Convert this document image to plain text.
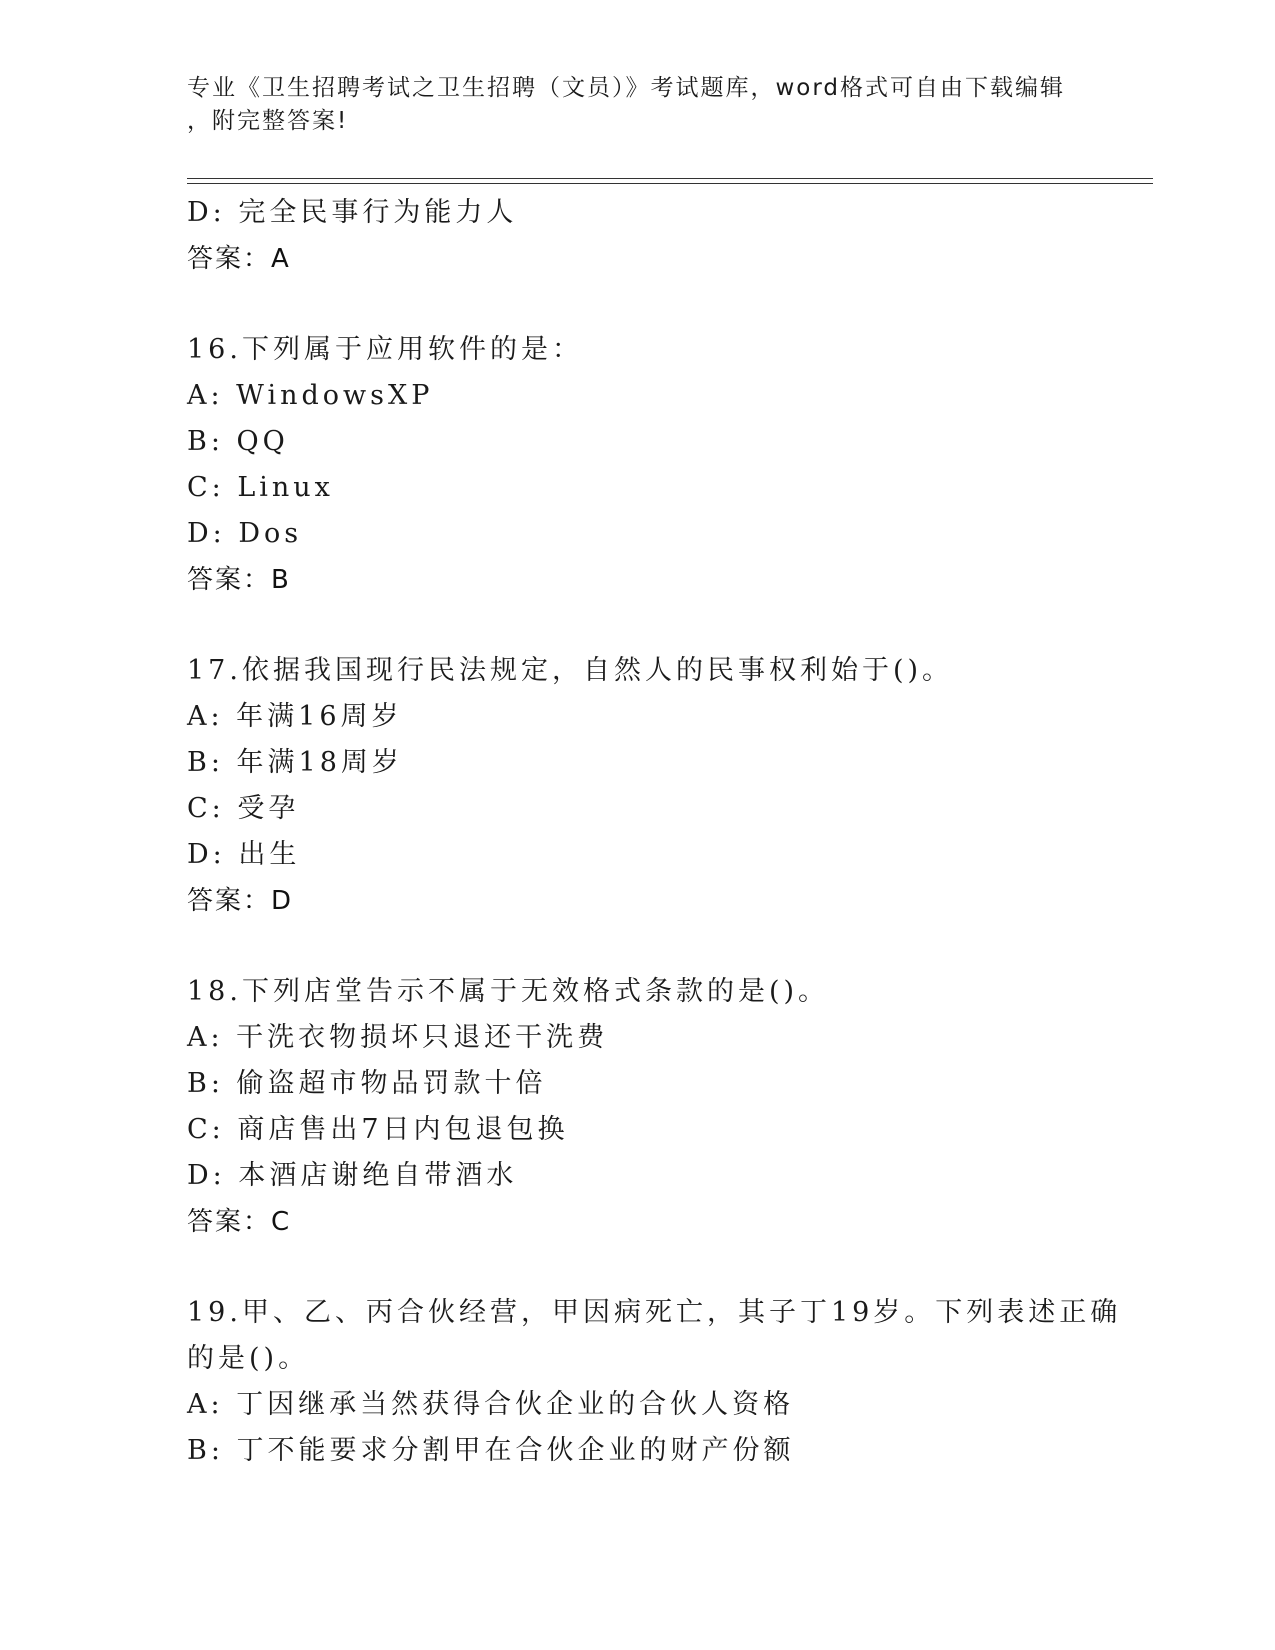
专业《卫生招聘考试之卫生招聘（文员）》考试题库，word格式可自由下载编辑
，附完整答案!
D: 完全民事行为能力人
答案：A
16.下列属于应用软件的是：
A: WindowsXP
B: QQ
C: Linux
D: Dos
答案：B
17.依据我国现行民法规定，自然人的民事权利始于()。
A: 年满16周岁
B: 年满18周岁
C: 受孕
D: 出生
答案：D
18.下列店堂告示不属于无效格式条款的是()。
A: 干洗衣物损坏只退还干洗费
B: 偷盗超市物品罚款十倍
C: 商店售出7日内包退包换
D: 本酒店谢绝自带酒水
答案：C
19.甲、乙、丙合伙经营，甲因病死亡，其子丁19岁。下列表述正确
的是()。
A: 丁因继承当然获得合伙企业的合伙人资格
B: 丁不能要求分割甲在合伙企业的财产份额
